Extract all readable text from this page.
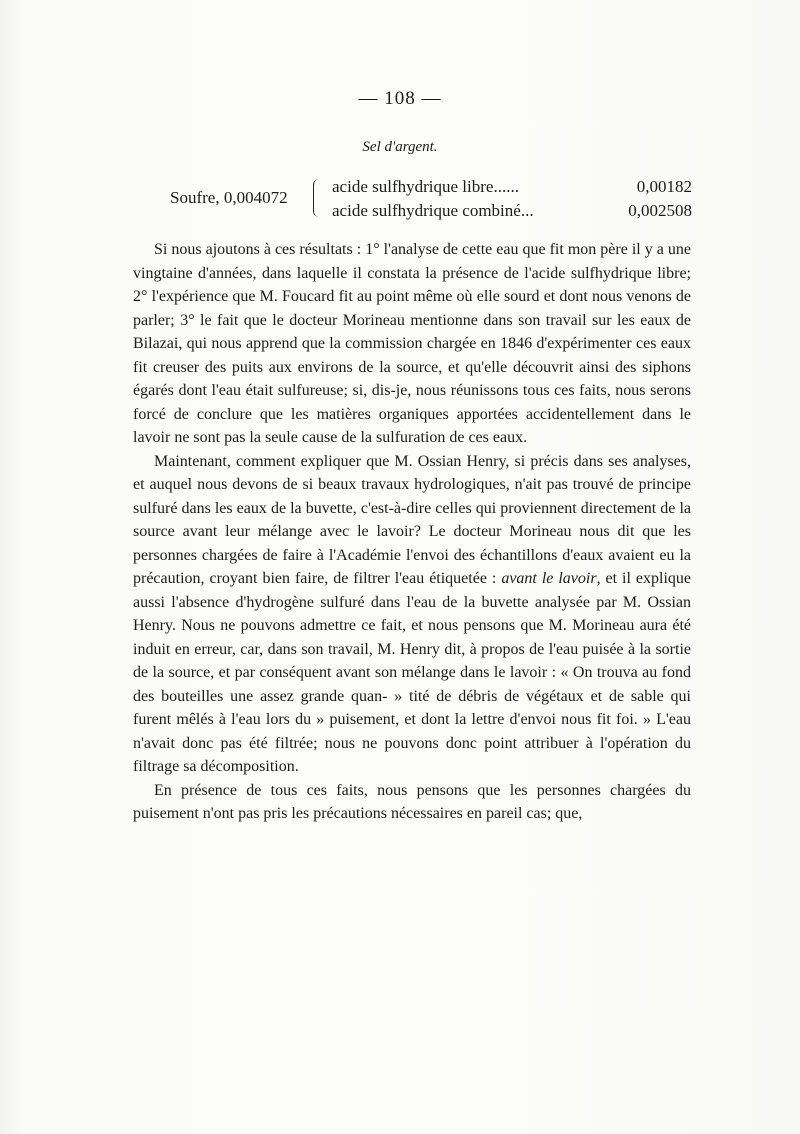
— 108 —
Sel d'argent.
Soufre, 0,004072
acide sulfhydrique libre......	0,00182
acide sulfhydrique combiné...	0,002508

Si nous ajoutons à ces résultats : 1° l'analyse de cette eau que fit mon père il y a une vingtaine d'années, dans laquelle il constata la présence de l'acide sulfhydrique libre; 2° l'expérience que M. Foucard fit au point même où elle sourd et dont nous venons de parler; 3° le fait que le docteur Morineau mentionne dans son travail sur les eaux de Bilazai, qui nous apprend que la commission chargée en 1846 d'expérimenter ces eaux fit creuser des puits aux environs de la source, et qu'elle découvrit ainsi des siphons égarés dont l'eau était sulfureuse; si, dis-je, nous réunissons tous ces faits, nous serons forcé de conclure que les matières organiques apportées accidentellement dans le lavoir ne sont pas la seule cause de la sulfuration de ces eaux.

Maintenant, comment expliquer que M. Ossian Henry, si précis dans ses analyses, et auquel nous devons de si beaux travaux hydrologiques, n'ait pas trouvé de principe sulfuré dans les eaux de la buvette, c'est-à-dire celles qui proviennent directement de la source avant leur mélange avec le lavoir? Le docteur Morineau nous dit que les personnes chargées de faire à l'Académie l'envoi des échantillons d'eaux avaient eu la précaution, croyant bien faire, de filtrer l'eau étiquetée : avant le lavoir, et il explique aussi l'absence d'hydrogène sulfuré dans l'eau de la buvette analysée par M. Ossian Henry. Nous ne pouvons admettre ce fait, et nous pensons que M. Morineau aura été induit en erreur, car, dans son travail, M. Henry dit, à propos de l'eau puisée à la sortie de la source, et par conséquent avant son mélange dans le lavoir : « On trouva au fond des bouteilles une assez grande quan- » tité de débris de végétaux et de sable qui furent mêlés à l'eau lors du » puisement, et dont la lettre d'envoi nous fit foi. » L'eau n'avait donc pas été filtrée; nous ne pouvons donc point attribuer à l'opération du filtrage sa décomposition.

En présence de tous ces faits, nous pensons que les personnes chargées du puisement n'ont pas pris les précautions nécessaires en pareil cas; que,
